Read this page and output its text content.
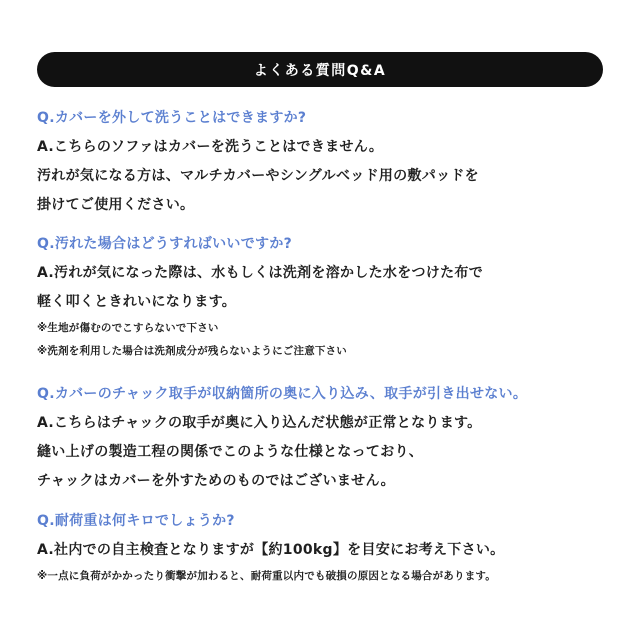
よくある質問Q&A

Q.カバーを外して洗うことはできますか?

A.こちらのソファはカバーを洗うことはできません。

汚れが気になる方は、マルチカバーやシングルベッド用の敷パッドを

掛けてご使用ください。

Q.汚れた場合はどうすればいいですか?

A.汚れが気になった際は、水もしくは洗剤を溶かした水をつけた布で

軽く叩くときれいになります。

※生地が傷むのでこすらないで下さい

※洗剤を利用した場合は洗剤成分が残らないようにご注意下さい

Q.カバーのチャック取手が収納箇所の奥に入り込み、取手が引き出せない。

A.こちらはチャックの取手が奥に入り込んだ状態が正常となります。

縫い上げの製造工程の関係でこのような仕様となっており、

チャックはカバーを外すためのものではございません。

Q.耐荷重は何キロでしょうか?

A.社内での自主検査となりますが【約100kg】を目安にお考え下さい。

※一点に負荷がかかったり衝撃が加わると、耐荷重以内でも破損の原因となる場合があります。
